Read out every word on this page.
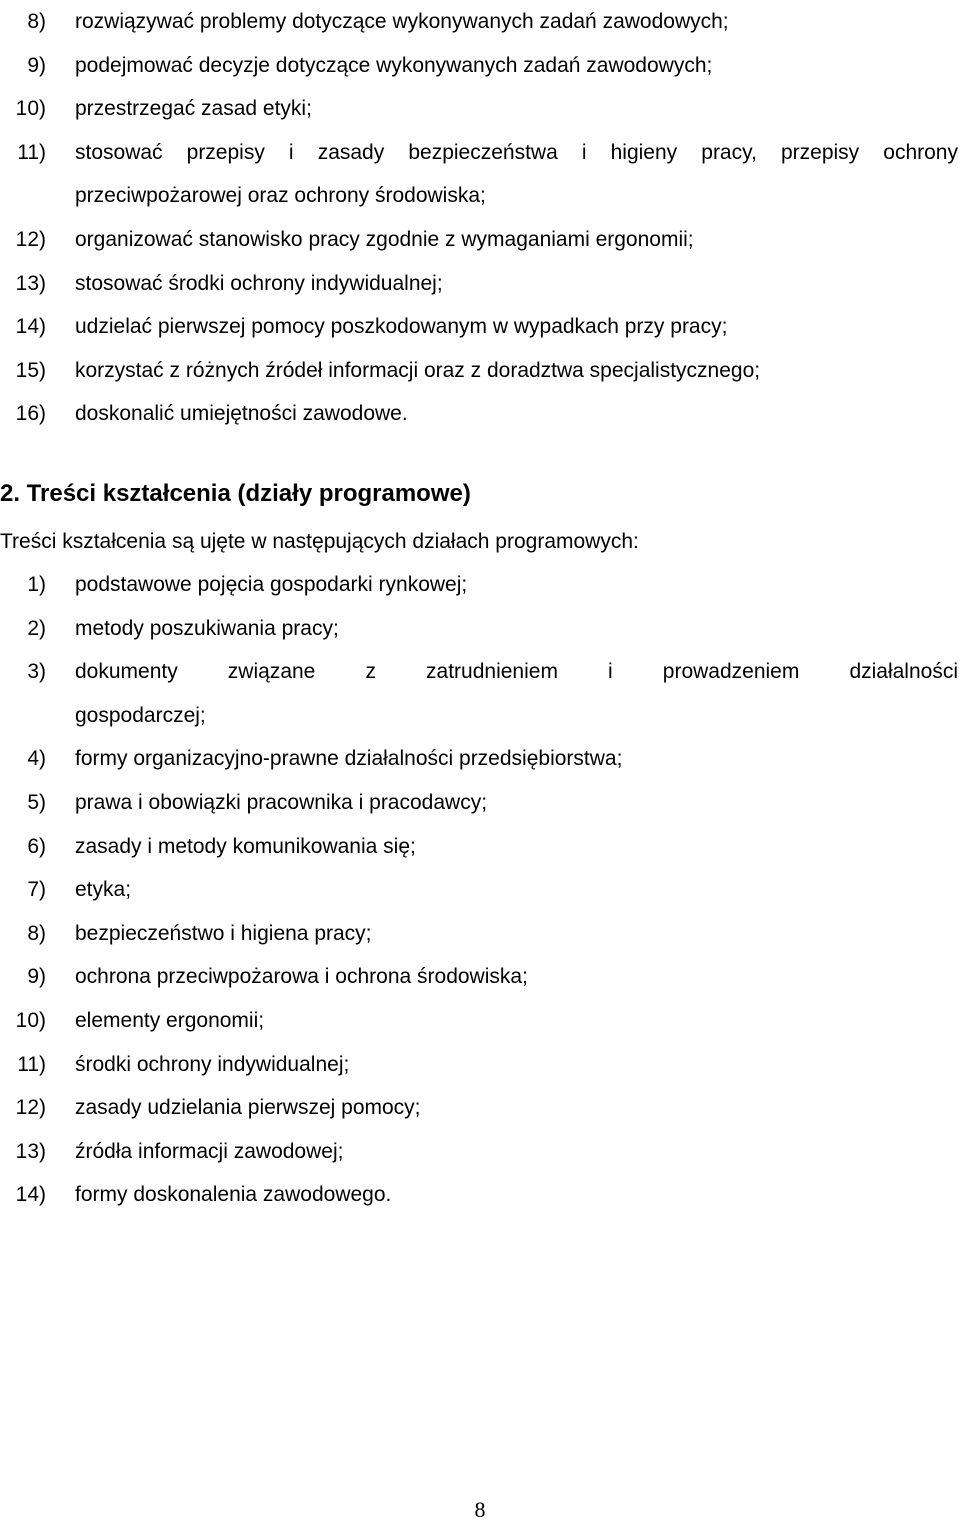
8) rozwiązywać problemy dotyczące wykonywanych zadań zawodowych;
9) podejmować decyzje dotyczące wykonywanych zadań zawodowych;
10) przestrzegać zasad etyki;
11) stosować przepisy i zasady bezpieczeństwa i higieny pracy, przepisy ochrony
przeciwpożarowej oraz ochrony środowiska;
12) organizować stanowisko pracy zgodnie z wymaganiami ergonomii;
13) stosować środki ochrony indywidualnej;
14) udzielać pierwszej pomocy poszkodowanym w wypadkach przy pracy;
15) korzystać z różnych źródeł informacji oraz z doradztwa specjalistycznego;
16) doskonalić umiejętności zawodowe.
2. Treści kształcenia (działy programowe)
Treści kształcenia są ujęte w następujących działach programowych:
1) podstawowe pojęcia gospodarki rynkowej;
2) metody poszukiwania pracy;
3) dokumenty związane z zatrudnieniem i prowadzeniem działalności
gospodarczej;
4) formy organizacyjno-prawne działalności przedsiębiorstwa;
5) prawa i obowiązki pracownika i pracodawcy;
6) zasady i metody komunikowania się;
7) etyka;
8) bezpieczeństwo i higiena pracy;
9) ochrona przeciwpożarowa i ochrona środowiska;
10) elementy ergonomii;
11) środki ochrony indywidualnej;
12) zasady udzielania pierwszej pomocy;
13) źródła informacji zawodowej;
14) formy doskonalenia zawodowego.
8
